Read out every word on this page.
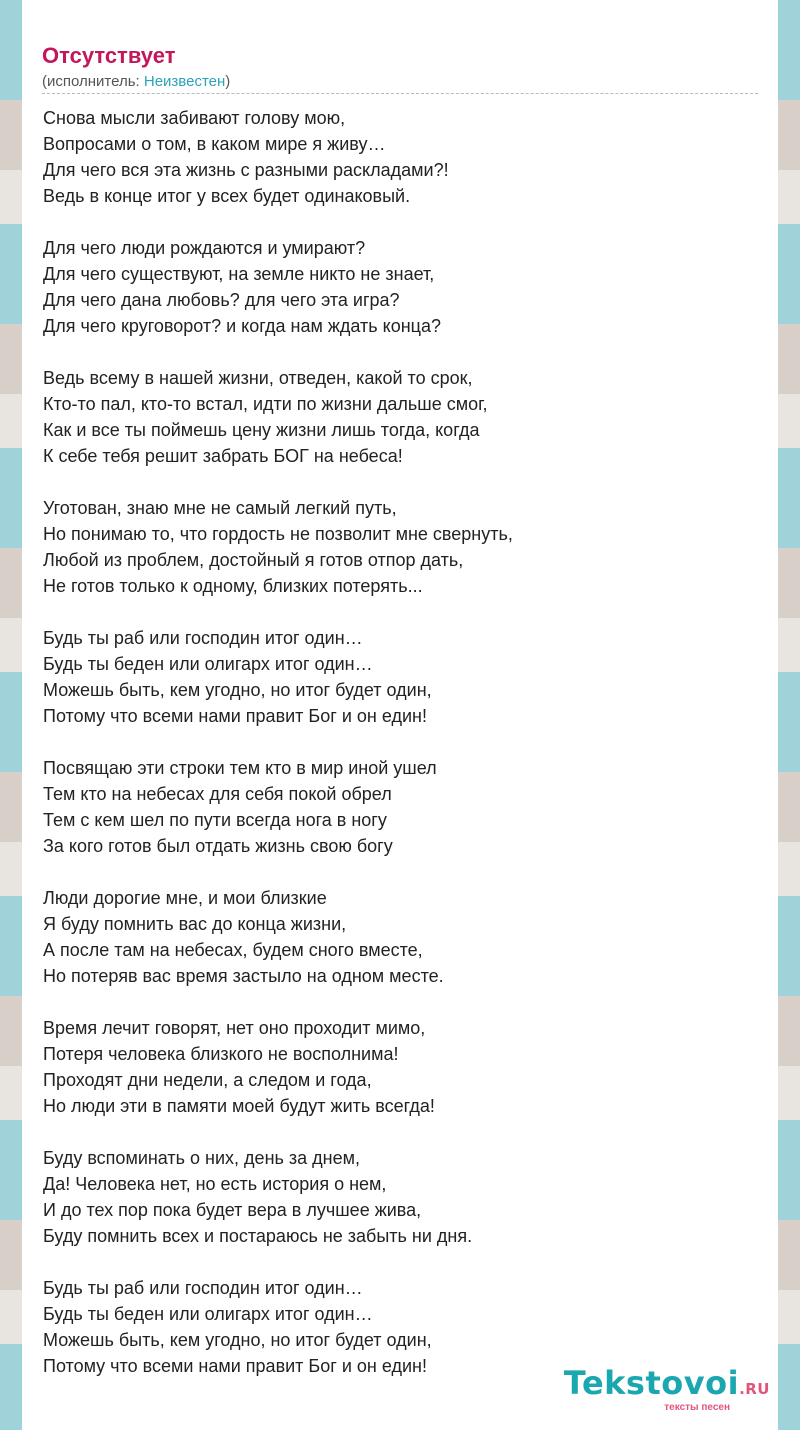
Отсутствует
(исполнитель: Неизвестен)
Снова мысли забивают голову мою,
Вопросами о том, в каком мире я живу…
Для чего вся эта жизнь с разными раскладами?!
Ведь в конце итог у всех будет одинаковый.
Для чего люди рождаются и умирают?
Для чего существуют, на земле никто не знает,
Для чего дана любовь? для чего эта игра?
Для чего круговорот? и когда нам ждать конца?
Ведь всему в нашей жизни, отведен, какой то срок,
Кто-то пал, кто-то встал, идти по жизни дальше смог,
Как и все ты поймешь цену жизни лишь тогда, когда
К себе тебя решит забрать БОГ на небеса!
Уготован, знаю мне не самый легкий путь,
Но понимаю то, что гордость не позволит мне свернуть,
Любой из проблем, достойный я готов отпор дать,
Не готов только к одному, близких потерять...
Будь ты раб или господин итог один…
Будь ты беден или олигарх итог один…
Можешь быть, кем угодно, но итог будет один,
Потому что всеми нами правит Бог и он един!
Посвящаю эти строки тем кто в мир иной ушел
Тем кто на небесах для себя покой обрел
Тем с кем шел по пути всегда нога в ногу
За кого готов был отдать жизнь свою богу
Люди дорогие мне, и мои близкие
Я буду помнить вас до конца жизни,
А после там на небесах, будем сного вместе,
Но потеряв вас время застыло на одном месте.
Время лечит говорят, нет оно проходит мимо,
Потеря человека близкого не восполнима!
Проходят дни недели, а следом и года,
Но люди эти в памяти моей будут жить всегда!
Буду вспоминать о них, день за днем,
Да! Человека нет, но есть история о нем,
И до тех пор пока будет вера в лучшее жива,
Буду помнить всех и постараюсь не забыть ни дня.
Будь ты раб или господин итог один…
Будь ты беден или олигарх итог один…
Можешь быть, кем угодно, но итог будет один,
Потому что всеми нами правит Бог и он един!	Tekstovoi.RU
тексты песен
